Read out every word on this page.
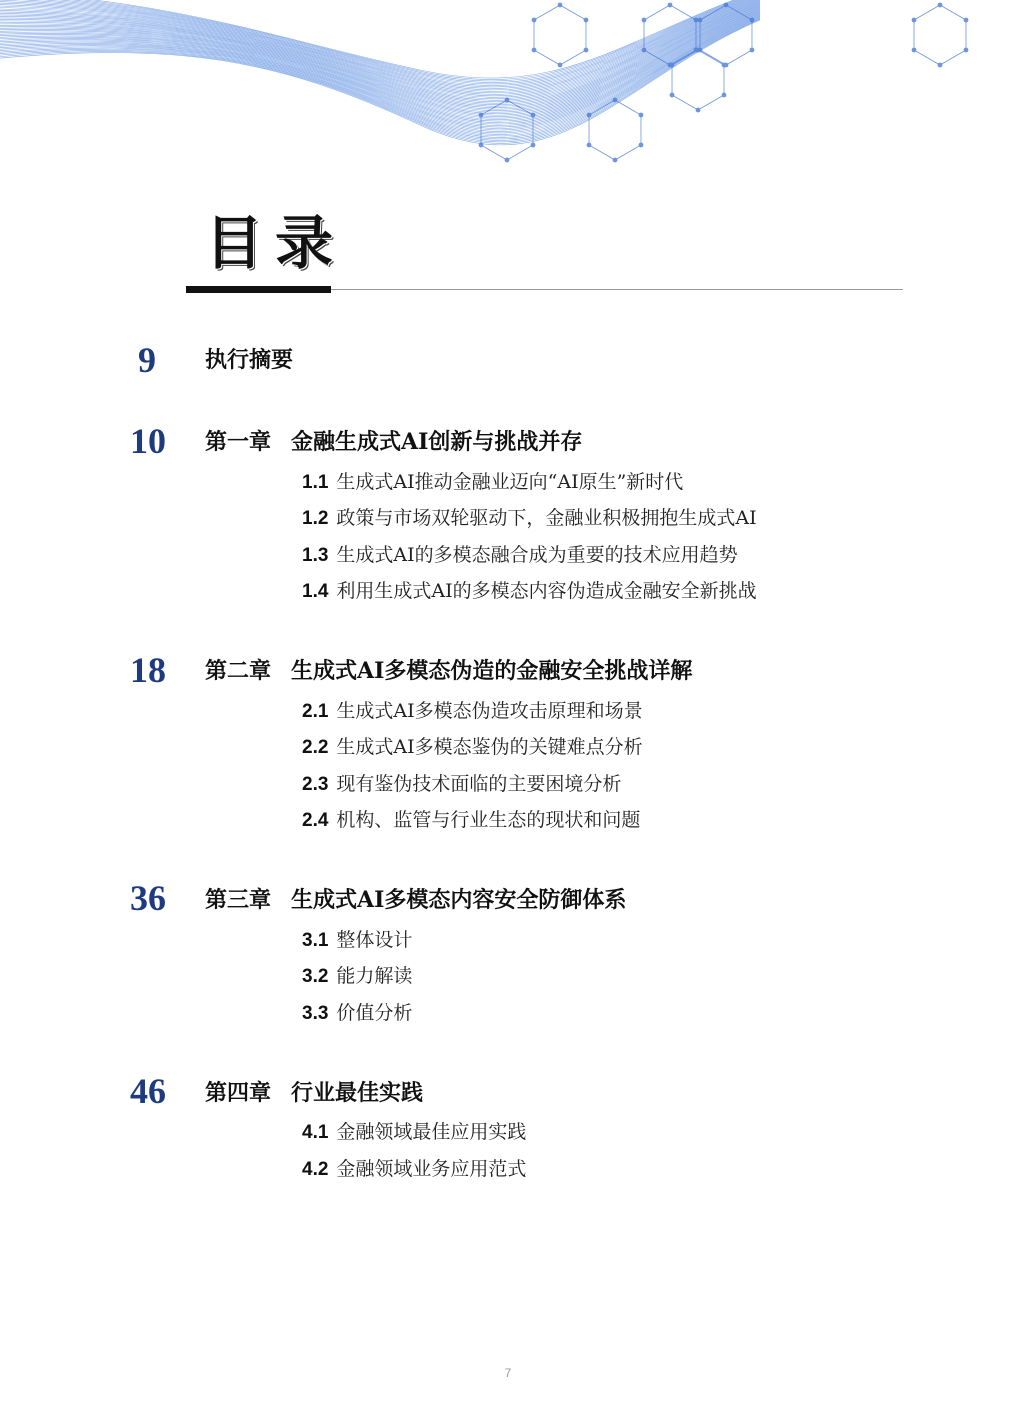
目录
9 执行摘要
10 第一章 金融生成式AI创新与挑战并存
1.1 生成式AI推动金融业迈向“AI原生”新时代
1.2 政策与市场双轮驱动下，金融业积极拥抱生成式AI
1.3 生成式AI的多模态融合成为重要的技术应用趋势
1.4 利用生成式AI的多模态内容伪造成金融安全新挑战
18 第二章 生成式AI多模态伪造的金融安全挑战详解
2.1 生成式AI多模态伪造攻击原理和场景
2.2 生成式AI多模态鉴伪的关键难点分析
2.3 现有鉴伪技术面临的主要困境分析
2.4 机构、监管与行业生态的现状和问题
36 第三章 生成式AI多模态内容安全防御体系
3.1 整体设计
3.2 能力解读
3.3 价值分析
46 第四章 行业最佳实践
4.1 金融领域最佳应用实践
4.2 金融领域业务应用范式
7
